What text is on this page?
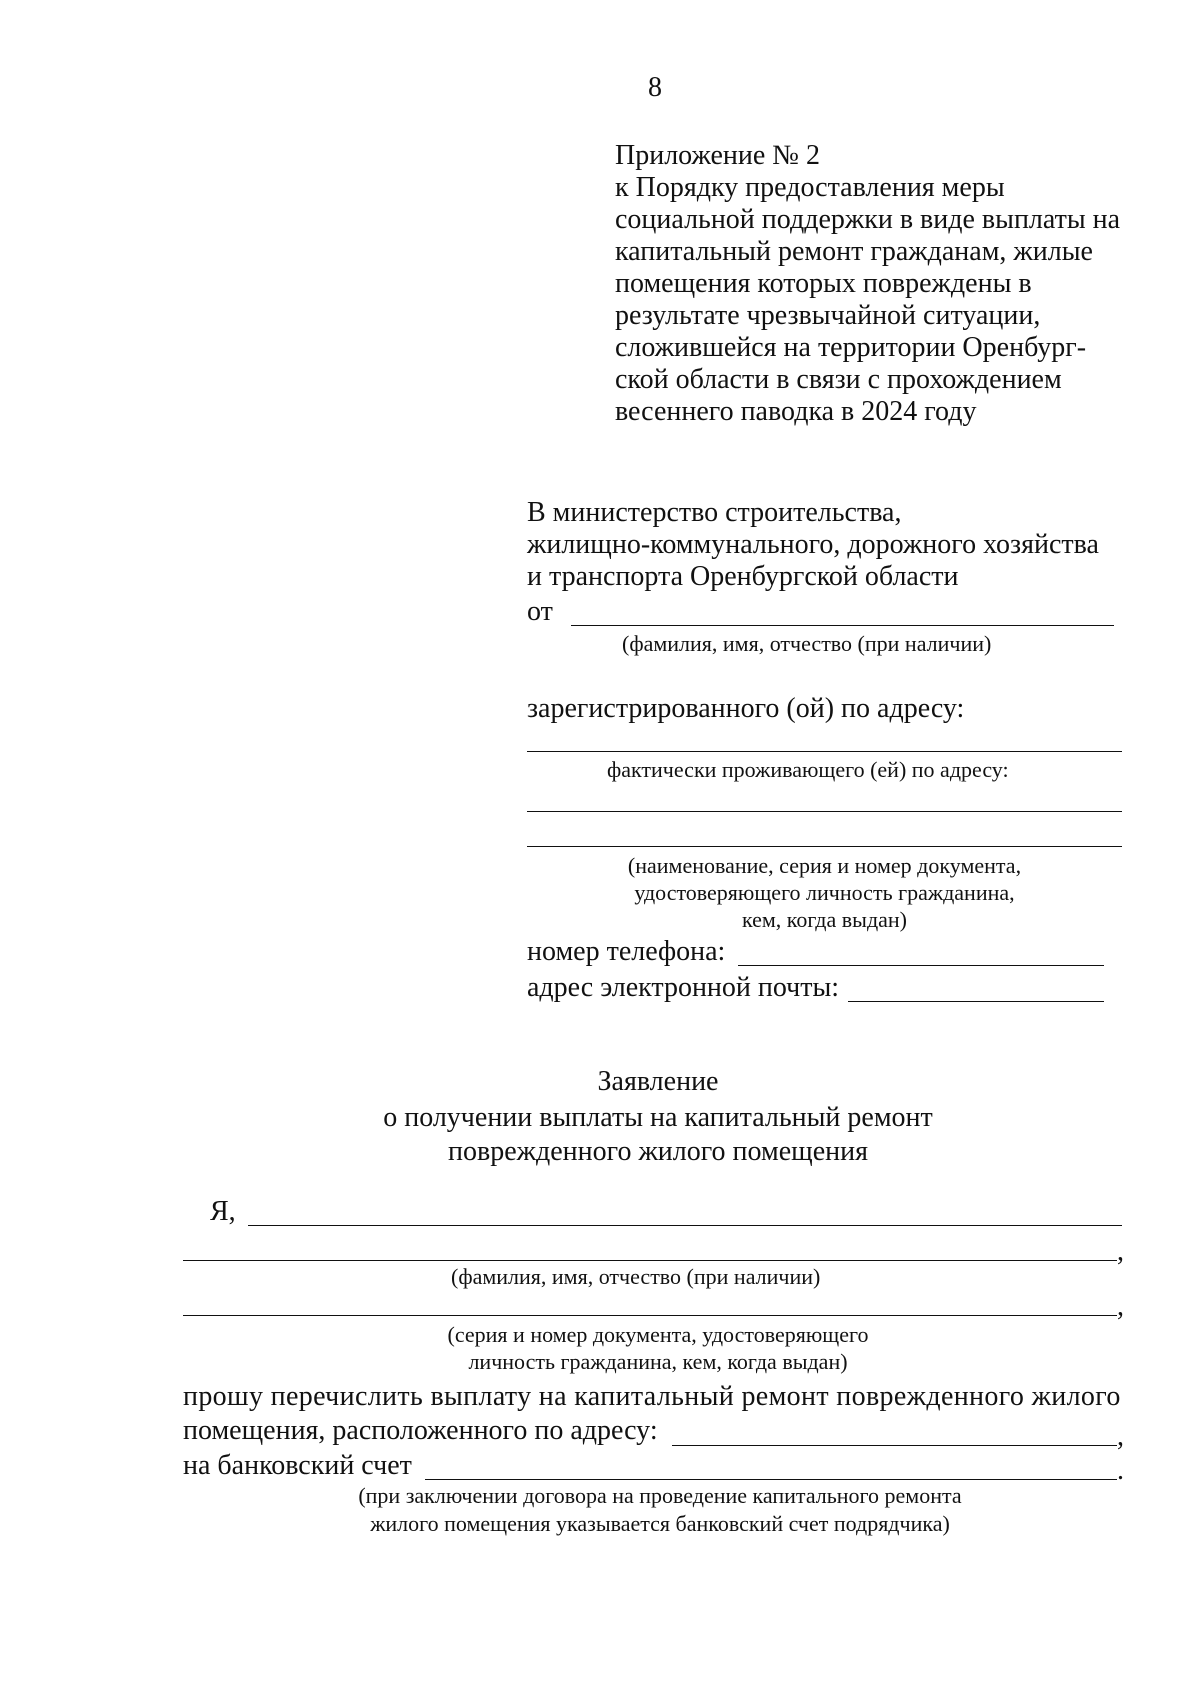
8
Приложение № 2
к Порядку предоставления меры
социальной поддержки в виде выплаты на
капитальный ремонт гражданам, жилые
помещения которых повреждены в
результате чрезвычайной ситуации,
сложившейся на территории Оренбург-
ской области в связи с прохождением
весеннего паводка в 2024 году
В министерство строительства,
жилищно-коммунального, дорожного хозяйства
и транспорта Оренбургской области
от
(фамилия, имя, отчество (при наличии)
зарегистрированного (ой) по адресу:
фактически проживающего (ей) по адресу:
(наименование, серия и номер документа,
удостоверяющего личность гражданина,
кем, когда выдан)
номер телефона:
адрес электронной почты:
Заявление
о получении выплаты на капитальный ремонт
поврежденного жилого помещения
Я,
,
(фамилия, имя, отчество (при наличии)
,
(серия и номер документа, удостоверяющего
личность гражданина, кем, когда выдан)
прошу перечислить выплату на капитальный ремонт поврежденного жилого
помещения, расположенного по адресу:	,
на банковский счет	.
(при заключении договора на проведение капитального ремонта
жилого помещения указывается банковский счет подрядчика)
